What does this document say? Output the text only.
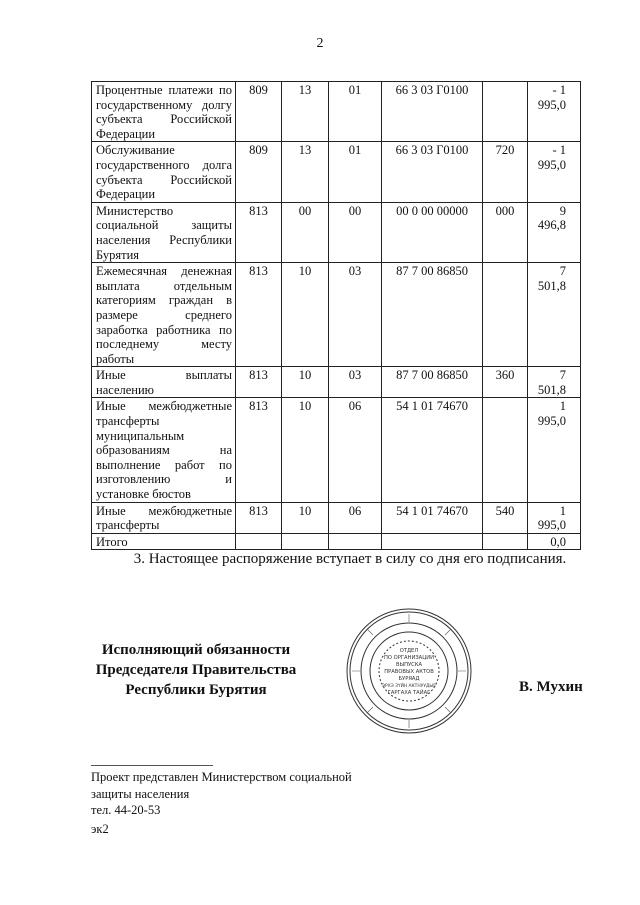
2
Процентные платежи по государственному долгу субъекта Российской Федерации	809	13	01	66 3 03 Г0100		- 1 995,0
Обслуживание государственного долга субъекта Российской Федерации	809	13	01	66 3 03 Г0100	720	- 1 995,0
Министерство социальной защиты населения Республики Бурятия	813	00	00	00 0 00 00000	000	9 496,8
Ежемесячная денежная выплата отдельным категориям граждан в размере среднего заработка работника по последнему месту работы	813	10	03	87 7 00 86850		7 501,8
Иные выплаты населению	813	10	03	87 7 00 86850	360	7 501,8
Иные межбюджетные трансферты муниципальным образованиям на выполнение работ по изготовлению и установке бюстов	813	10	06	54 1 01 74670		1 995,0
Иные межбюджетные трансферты	813	10	06	54 1 01 74670	540	1 995,0
Итого						0,0
3. Настоящее распоряжение вступает в силу со дня его подписания.
Исполняющий обязанности
Председателя Правительства
Республики Бурятия
ОТДЕЛ
ПО ОРГАНИЗАЦИИ
ВЫПУСКА
ПРАВОВЫХ АКТОВ
БУРЯАД
ЭРХЭ ЗҮЙН АКТНУУДЫЕ
ГАРГАХА ТАЙАГ	В. Мухин
Проект представлен Министерством социальной
защиты населения
тел. 44-20-53
эк2
